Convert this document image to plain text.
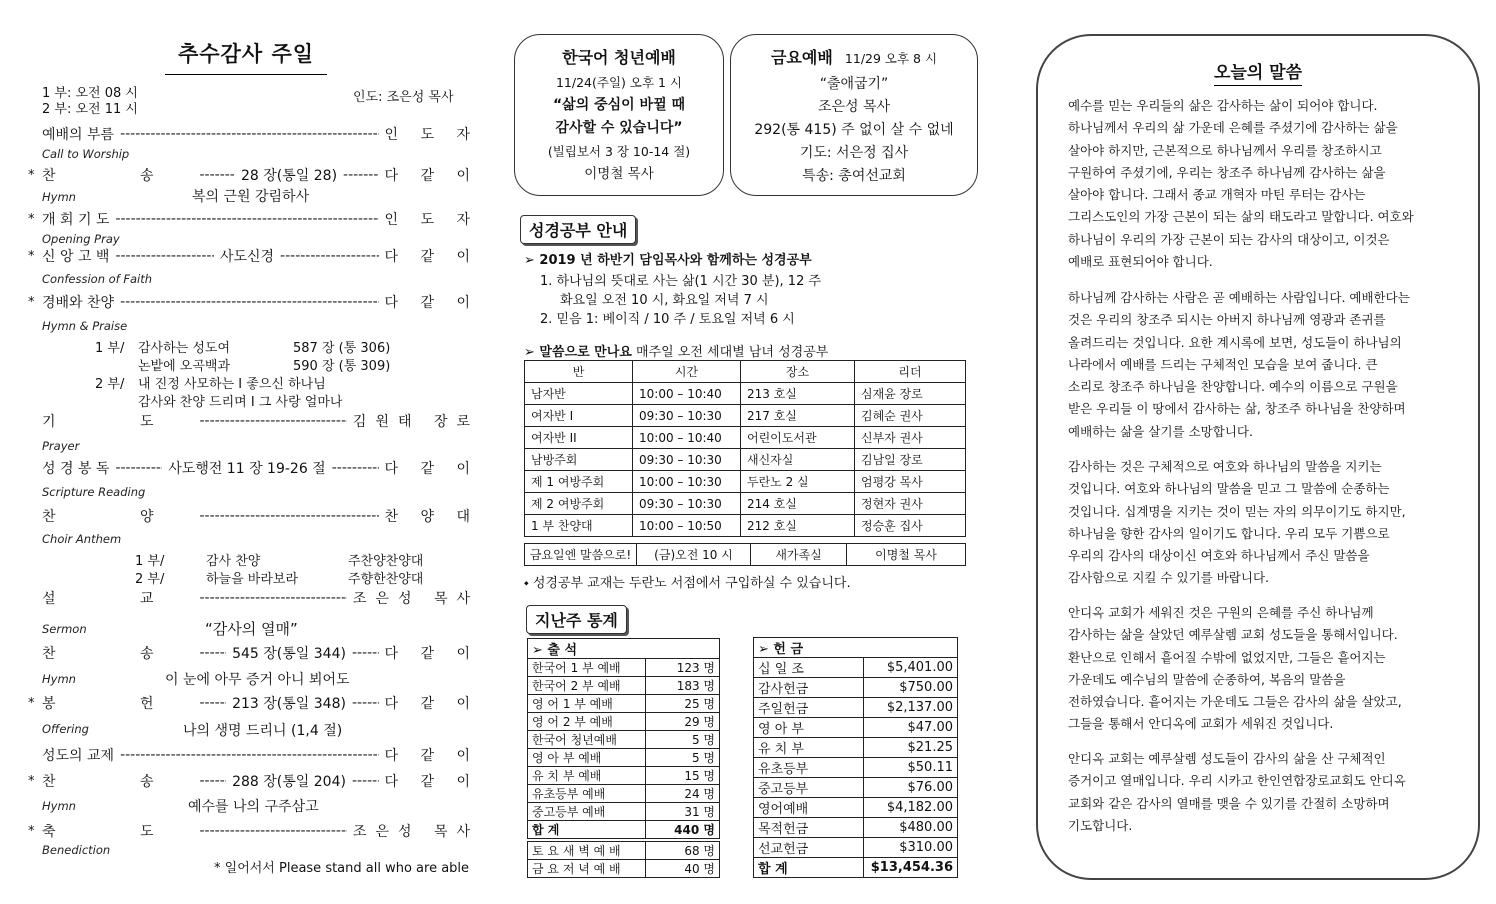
추수감사 주일
1 부: 오전 08 시
2 부: 오전 11 시
인도: 조은성 목사
예배의 부름 -----	인 도 자
Call to Worship
* 찬 송 -----	28 장(통일 28) -----	다 같 이
Hymn
* 개 회 기 도 -----	인 도 자
Opening Pray
* 신 앙 고 백 -----	사도신경 -----	다 같 이
Confession of Faith
* 경배와 찬양 -----	다 같 이
Hymn & Praise
기 도 -----	김원태 장로
Prayer
성 경 봉 독 -----	사도행전 11 장 19-26 절 -----	다 같 이
Scripture Reading
찬 양 -----	찬 양 대
Choir Anthem
설 교 -----	조은성 목사
Sermon
찬 송 -----	545 장(통일 344) -----	다 같 이
Hymn
* 봉 헌 -----	213 장(통일 348) -----	다 같 이
Offering
성도의 교제 -----	다 같 이
* 찬 송 -----	288 장(통일 204) -----	다 같 이
Hymn
* 축 도 -----	조은성 목사
Benediction
복의 근원 강림하사
1 부/ 감사하는 성도여	587 장 (통 306)
논밭에 오곡백과	590 장 (통 309)
2 부/ 내 진정 사모하는 I 좋으신 하나님
감사와 찬양 드리며 I 그 사랑 얼마나
1 부/	감사 찬양	주찬양찬양대
2 부/	하늘을 바라보라	주향한찬양대
“감사의 열매”
이 눈에 아무 증거 아니 뵈어도
나의 생명 드리니 (1,4 절)
예수를 나의 구주삼고
* 일어서서 Please stand all who are able
한국어 청년예배
11/24(주일) 오후 1 시
“삶의 중심이 바뀔 때
감사할 수 있습니다”
(빌립보서 3 장 10-14 절)
이명철 목사
금요예배 11/29 오후 8 시
“출애굽기”
조은성 목사
292(통 415) 주 없이 살 수 없네
기도: 서은정 집사
특송: 총여선교회
성경공부 안내
➢ 2019 년 하반기 담임목사와 함께하는 성경공부
1. 하나님의 뜻대로 사는 삶(1 시간 30 분), 12 주
화요일 오전 10 시, 화요일 저녁 7 시
2. 믿음 1: 베이직 / 10 주 / 토요일 저녁 6 시
➢ 말씀으로 만나요 매주일 오전 세대별 남녀 성경공부
반	시간	장소	리더
남자반	10:00 – 10:40	213 호실	심재윤 장로
여자반 I	09:30 – 10:30	217 호실	김혜순 권사
여자반 II	10:00 – 10:40	어린이도서관	신부자 권사
남방주회	09:30 – 10:30	새신자실	김남일 장로
제 1 여방주회	10:00 – 10:30	두란노 2 실	엄평강 목사
제 2 여방주회	09:30 – 10:30	214 호실	정현자 권사
1 부 찬양대	10:00 – 10:50	212 호실	정승훈 집사
금요일엔 말씀으로!	(금)오전 10 시	새가족실	이명철 목사
⬩ 성경공부 교재는 두란노 서점에서 구입하실 수 있습니다.
지난주 통계
➢ 출 석	
한국어 1 부 예배	123 명
한국어 2 부 예배	183 명
영 어 1 부 예배	25 명
영 어 2 부 예배	29 명
한국어 청년예배	5 명
영 아 부 예배	5 명
유 치 부 예배	15 명
유초등부 예배	24 명
중고등부 예배	31 명
합 계	440 명
토 요 새 벽 예 배	68 명
금 요 저 녁 예 배	40 명
➢ 헌 금	
십 일 조	$5,401.00
감사헌금	$750.00
주일헌금	$2,137.00
영 아 부	$47.00
유 치 부	$21.25
유초등부	$50.11
중고등부	$76.00
영어예배	$4,182.00
목적헌금	$480.00
선교헌금	$310.00
합 계	$13,454.36
오늘의 말씀
예수를 믿는 우리들의 삶은 감사하는 삶이 되어야 합니다.
하나님께서 우리의 삶 가운데 은혜를 주셨기에 감사하는 삶을
살아야 하지만, 근본적으로 하나님께서 우리를 창조하시고
구원하여 주셨기에, 우리는 창조주 하나님께 감사하는 삶을
살아야 합니다. 그래서 종교 개혁자 마틴 루터는 감사는
그리스도인의 가장 근본이 되는 삶의 태도라고 말합니다. 여호와
하나님이 우리의 가장 근본이 되는 감사의 대상이고, 이것은
예배로 표현되어야 합니다.
하나님께 감사하는 사람은 곧 예배하는 사람입니다. 예배한다는
것은 우리의 창조주 되시는 아버지 하나님께 영광과 존귀를
올려드리는 것입니다. 요한 계시록에 보면, 성도들이 하나님의
나라에서 예배를 드리는 구체적인 모습을 보여 줍니다. 큰
소리로 창조주 하나님을 찬양합니다. 예수의 이름으로 구원을
받은 우리들 이 땅에서 감사하는 삶, 창조주 하나님을 찬양하며
예배하는 삶을 살기를 소망합니다.
감사하는 것은 구체적으로 여호와 하나님의 말씀을 지키는
것입니다. 여호와 하나님의 말씀을 믿고 그 말씀에 순종하는
것입니다. 십계명을 지키는 것이 믿는 자의 의무이기도 하지만,
하나님을 향한 감사의 일이기도 합니다. 우리 모두 기쁨으로
우리의 감사의 대상이신 여호와 하나님께서 주신 말씀을
감사함으로 지킬 수 있기를 바랍니다.
안디옥 교회가 세워진 것은 구원의 은혜를 주신 하나님께
감사하는 삶을 살았던 예루살렘 교회 성도들을 통해서입니다.
환난으로 인해서 흩어질 수밖에 없었지만, 그들은 흩어지는
가운데도 예수님의 말씀에 순종하여, 복음의 말씀을
전하였습니다. 흩어지는 가운데도 그들은 감사의 삶을 살았고,
그들을 통해서 안디옥에 교회가 세워진 것입니다.
안디옥 교회는 예루살렘 성도들이 감사의 삶을 산 구체적인
증거이고 열매입니다. 우리 시카고 한인연합장로교회도 안디옥
교회와 같은 감사의 열매를 맺을 수 있기를 간절히 소망하며
기도합니다.
